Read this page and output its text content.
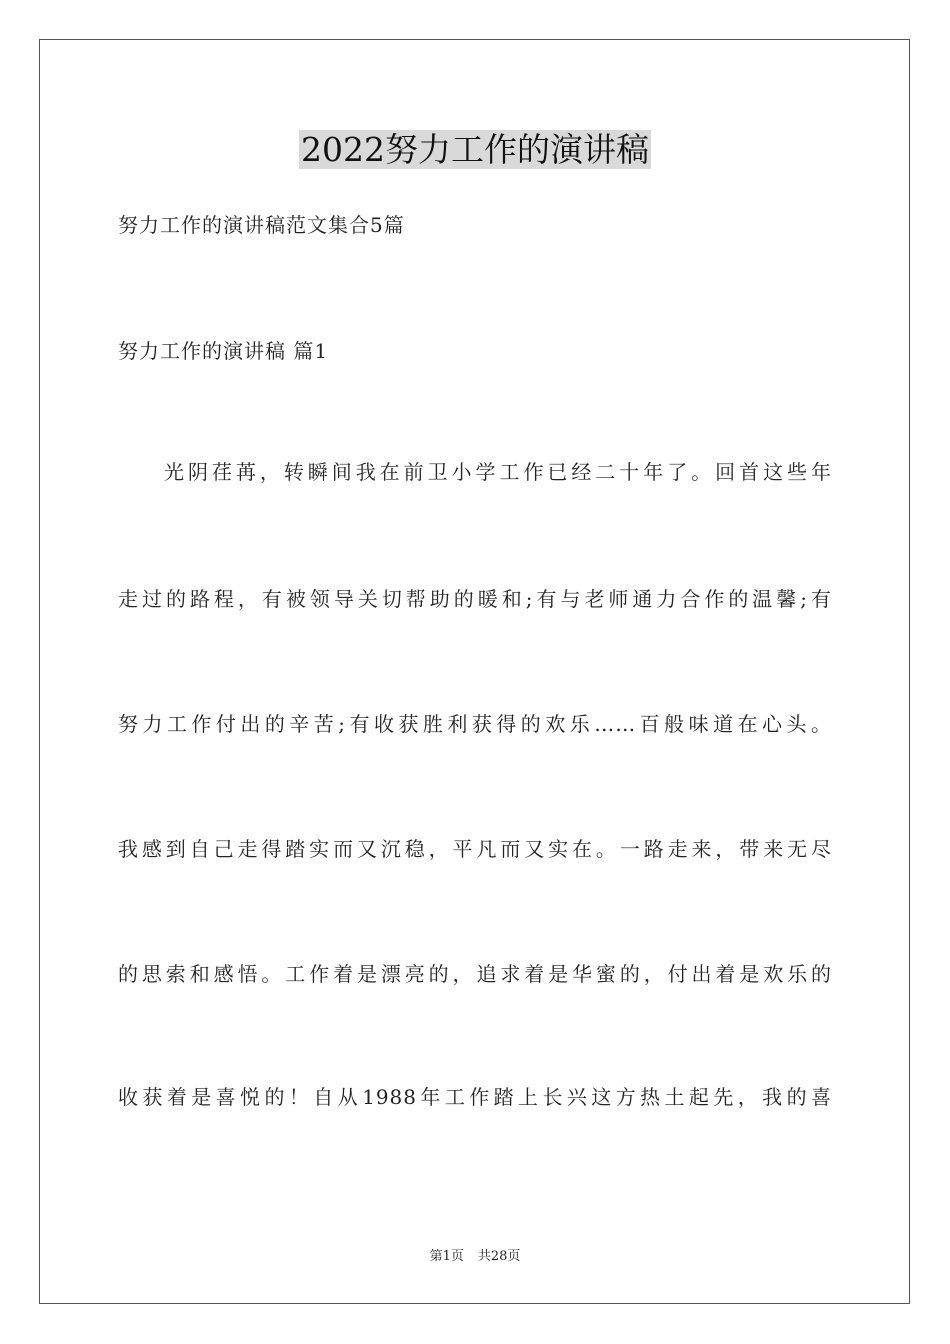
2022努力工作的演讲稿
努力工作的演讲稿范文集合5篇
努力工作的演讲稿 篇1
光阴荏苒，转瞬间我在前卫小学工作已经二十年了。回首这些年
走过的路程，有被领导关切帮助的暖和;有与老师通力合作的温馨;有
努力工作付出的辛苦;有收获胜利获得的欢乐……百般味道在心头。
我感到自己走得踏实而又沉稳，平凡而又实在。一路走来，带来无尽
的思索和感悟。工作着是漂亮的，追求着是华蜜的，付出着是欢乐的
收获着是喜悦的！自从1988年工作踏上长兴这方热土起先，我的喜
第1页 共28页
